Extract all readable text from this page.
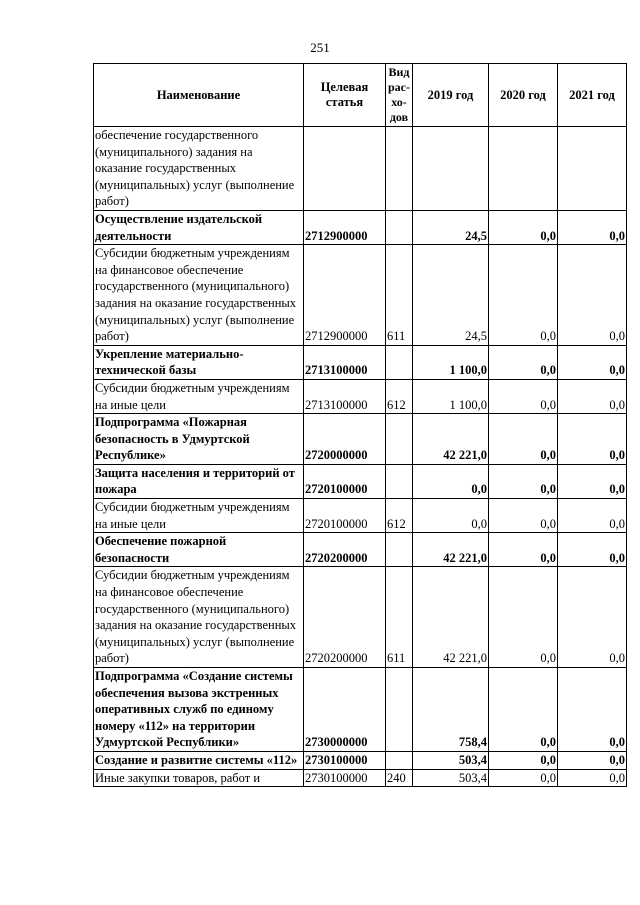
251
Наименование	Целевая статья	Вид рас-хо-дов	2019 год	2020 год	2021 год
обеспечение государственного (муниципального) задания на оказание государственных (муниципальных) услуг (выполнение работ)					
Осуществление издательской деятельности	2712900000		24,5	0,0	0,0
Субсидии бюджетным учреждениям на финансовое обеспечение государственного (муниципального) задания на оказание государственных (муниципальных) услуг (выполнение работ)	2712900000	611	24,5	0,0	0,0
Укрепление материально-технической базы	2713100000		1 100,0	0,0	0,0
Субсидии бюджетным учреждениям на иные цели	2713100000	612	1 100,0	0,0	0,0
Подпрограмма «Пожарная безопасность в Удмуртской Республике»	2720000000		42 221,0	0,0	0,0
Защита населения и территорий от пожара	2720100000		0,0	0,0	0,0
Субсидии бюджетным учреждениям на иные цели	2720100000	612	0,0	0,0	0,0
Обеспечение пожарной безопасности	2720200000		42 221,0	0,0	0,0
Субсидии бюджетным учреждениям на финансовое обеспечение государственного (муниципального) задания на оказание государственных (муниципальных) услуг (выполнение работ)	2720200000	611	42 221,0	0,0	0,0
Подпрограмма «Создание системы обеспечения вызова экстренных оперативных служб по единому номеру «112» на территории Удмуртской Республики»	2730000000		758,4	0,0	0,0
Создание и развитие системы «112»	2730100000		503,4	0,0	0,0
Иные закупки товаров, работ и	2730100000	240	503,4	0,0	0,0
